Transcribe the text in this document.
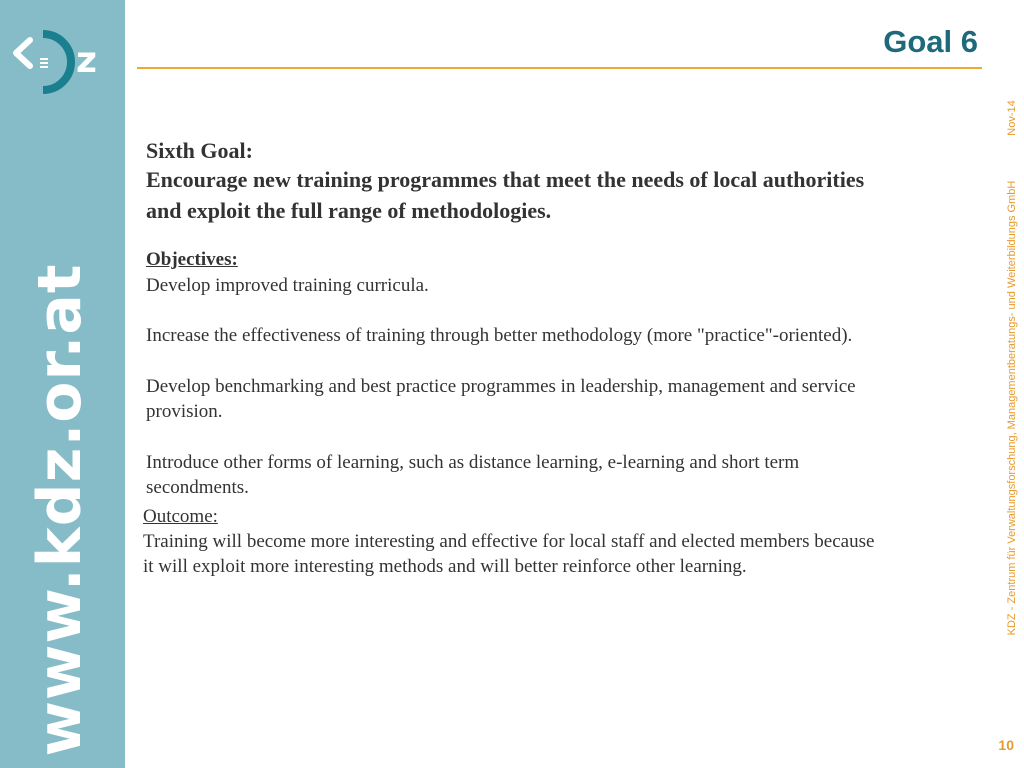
z
www.kdz.or.at
Goal 6
Sixth Goal:
Encourage new training programmes that meet the needs of local authorities
and exploit the full range of methodologies.
Objectives:
Develop improved training curricula.
Increase the effectiveness of training through better methodology (more "practice"-oriented).
Develop benchmarking and best practice programmes in leadership, management and service
provision.
Introduce other forms of learning, such as distance learning, e-learning and short term
secondments.
Outcome:
Training will become more interesting and effective for local staff and elected members because
it will exploit more interesting methods and will better reinforce other learning.
Nov-14
KDZ - Zentrum für Verwaltungsforschung, Managementberatungs- und Weiterbildungs GmbH
10
